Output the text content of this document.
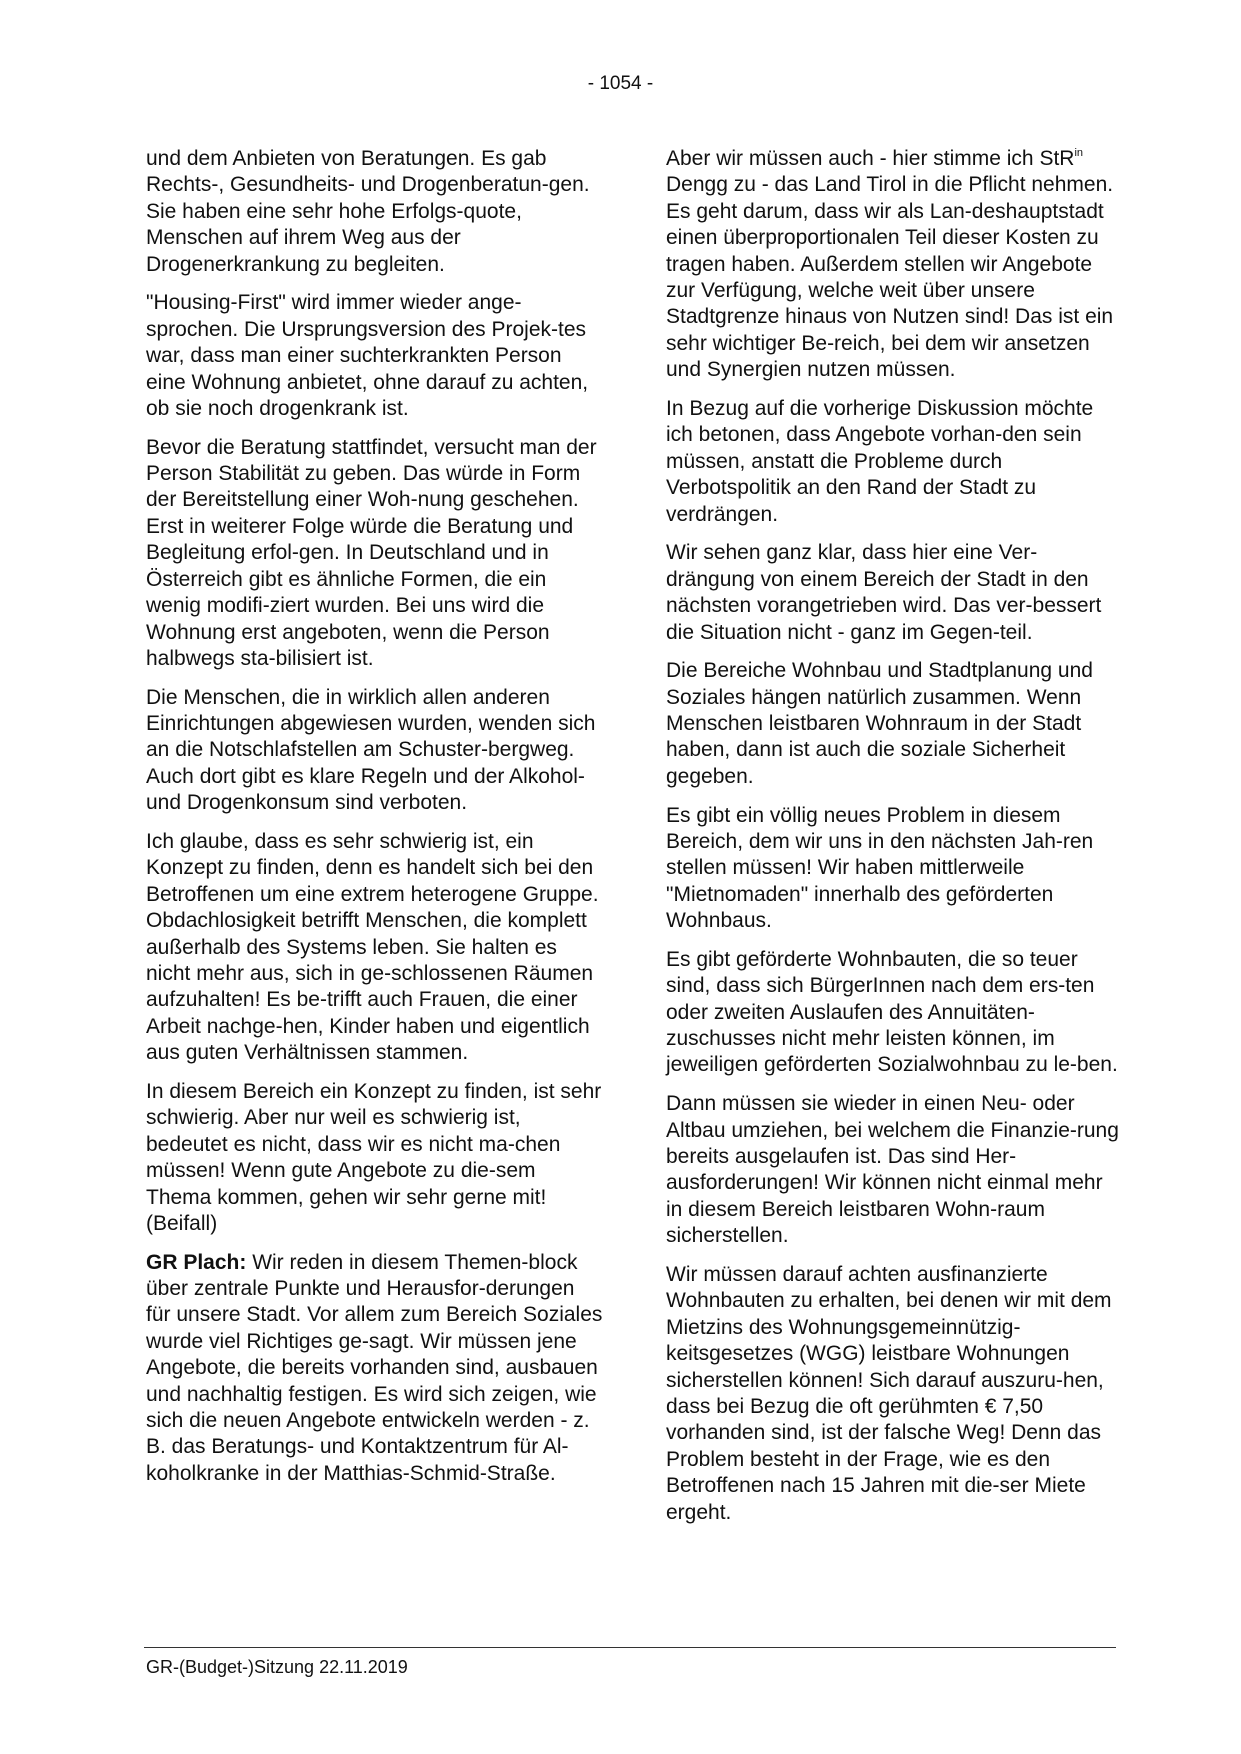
- 1054 -

und dem Anbieten von Beratungen. Es gab Rechts-, Gesundheits- und Drogenberatun-gen. Sie haben eine sehr hohe Erfolgs-quote, Menschen auf ihrem Weg aus der Drogenerkrankung zu begleiten.

"Housing-First" wird immer wieder ange-sprochen. Die Ursprungsversion des Projek-tes war, dass man einer suchterkrankten Person eine Wohnung anbietet, ohne darauf zu achten, ob sie noch drogenkrank ist.

Bevor die Beratung stattfindet, versucht man der Person Stabilität zu geben. Das würde in Form der Bereitstellung einer Woh-nung geschehen. Erst in weiterer Folge würde die Beratung und Begleitung erfol-gen. In Deutschland und in Österreich gibt es ähnliche Formen, die ein wenig modifi-ziert wurden. Bei uns wird die Wohnung erst angeboten, wenn die Person halbwegs sta-bilisiert ist.

Die Menschen, die in wirklich allen anderen Einrichtungen abgewiesen wurden, wenden sich an die Notschlafstellen am Schuster-bergweg. Auch dort gibt es klare Regeln und der Alkohol- und Drogenkonsum sind verboten.

Ich glaube, dass es sehr schwierig ist, ein Konzept zu finden, denn es handelt sich bei den Betroffenen um eine extrem heterogene Gruppe. Obdachlosigkeit betrifft Menschen, die komplett außerhalb des Systems leben. Sie halten es nicht mehr aus, sich in ge-schlossenen Räumen aufzuhalten! Es be-trifft auch Frauen, die einer Arbeit nachge-hen, Kinder haben und eigentlich aus guten Verhältnissen stammen.

In diesem Bereich ein Konzept zu finden, ist sehr schwierig. Aber nur weil es schwierig ist, bedeutet es nicht, dass wir es nicht ma-chen müssen! Wenn gute Angebote zu die-sem Thema kommen, gehen wir sehr gerne mit! (Beifall)

GR Plach: Wir reden in diesem Themen-block über zentrale Punkte und Herausfor-derungen für unsere Stadt. Vor allem zum Bereich Soziales wurde viel Richtiges ge-sagt. Wir müssen jene Angebote, die bereits vorhanden sind, ausbauen und nachhaltig festigen. Es wird sich zeigen, wie sich die neuen Angebote entwickeln werden - z. B. das Beratungs- und Kontaktzentrum für Al-koholkranke in der Matthias-Schmid-Straße.

Aber wir müssen auch - hier stimme ich StR$^{in}$ Dengg zu - das Land Tirol in die Pflicht nehmen. Es geht darum, dass wir als Lan-deshauptstadt einen überproportionalen Teil dieser Kosten zu tragen haben. Außerdem stellen wir Angebote zur Verfügung, welche weit über unsere Stadtgrenze hinaus von Nutzen sind! Das ist ein sehr wichtiger Be-reich, bei dem wir ansetzen und Synergien nutzen müssen.

In Bezug auf die vorherige Diskussion möchte ich betonen, dass Angebote vorhan-den sein müssen, anstatt die Probleme durch Verbotspolitik an den Rand der Stadt zu verdrängen.

Wir sehen ganz klar, dass hier eine Ver-drängung von einem Bereich der Stadt in den nächsten vorangetrieben wird. Das ver-bessert die Situation nicht - ganz im Gegen-teil.

Die Bereiche Wohnbau und Stadtplanung und Soziales hängen natürlich zusammen. Wenn Menschen leistbaren Wohnraum in der Stadt haben, dann ist auch die soziale Sicherheit gegeben.

Es gibt ein völlig neues Problem in diesem Bereich, dem wir uns in den nächsten Jah-ren stellen müssen! Wir haben mittlerweile "Mietnomaden" innerhalb des geförderten Wohnbaus.

Es gibt geförderte Wohnbauten, die so teuer sind, dass sich BürgerInnen nach dem ers-ten oder zweiten Auslaufen des Annuitäten-zuschusses nicht mehr leisten können, im jeweiligen geförderten Sozialwohnbau zu le-ben.

Dann müssen sie wieder in einen Neu- oder Altbau umziehen, bei welchem die Finanzie-rung bereits ausgelaufen ist. Das sind Her-ausforderungen! Wir können nicht einmal mehr in diesem Bereich leistbaren Wohn-raum sicherstellen.

Wir müssen darauf achten ausfinanzierte Wohnbauten zu erhalten, bei denen wir mit dem Mietzins des Wohnungsgemeinnützig-keitsgesetzes (WGG) leistbare Wohnungen sicherstellen können! Sich darauf auszuru-hen, dass bei Bezug die oft gerühmten € 7,50 vorhanden sind, ist der falsche Weg! Denn das Problem besteht in der Frage, wie es den Betroffenen nach 15 Jahren mit die-ser Miete ergeht.

GR-(Budget-)Sitzung 22.11.2019
